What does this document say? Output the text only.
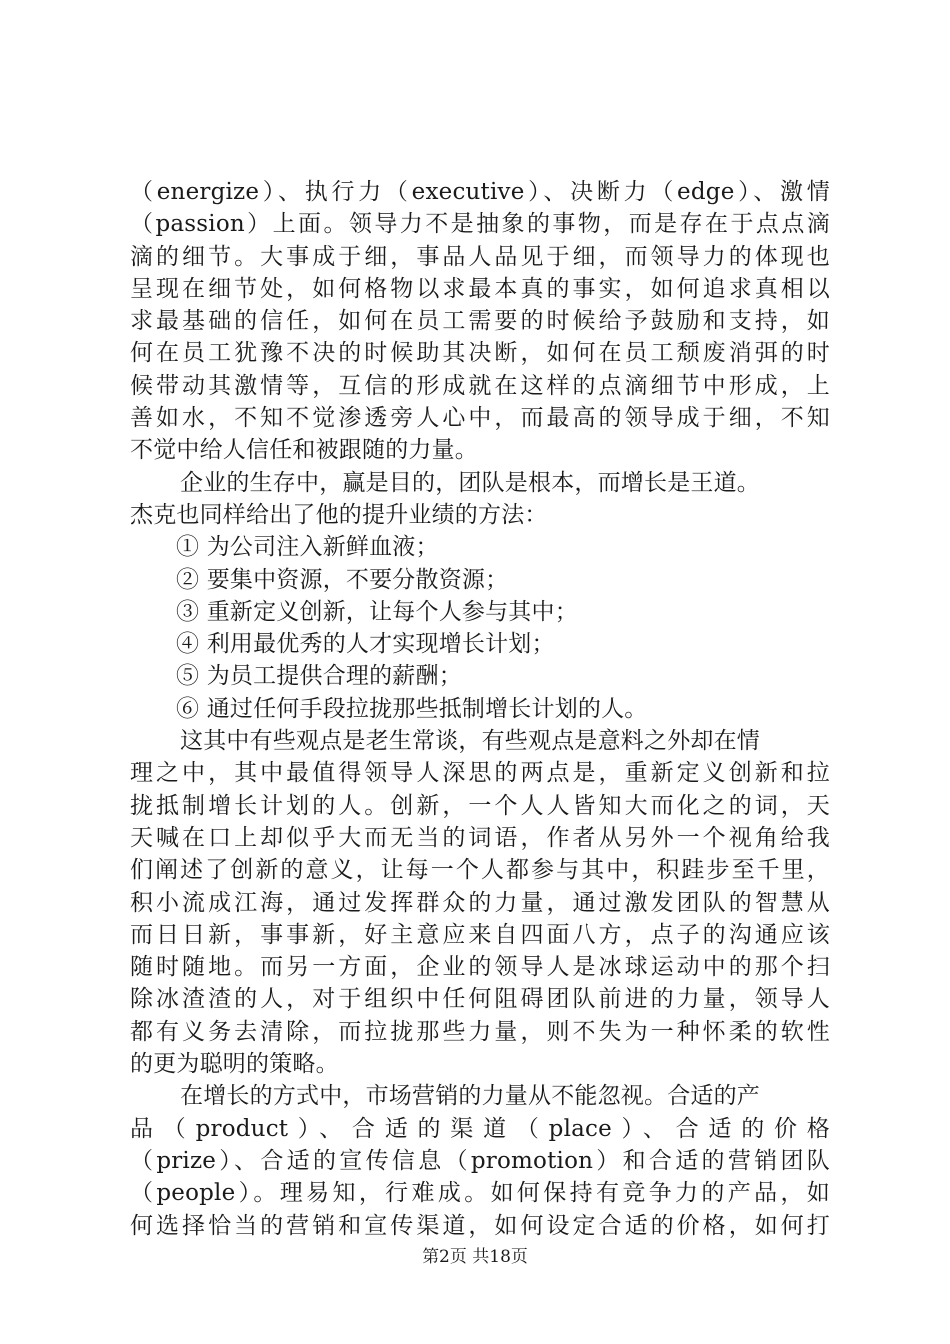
（energize）、执行力（executive）、决断力（edge）、激情
（passion）上面。领导力不是抽象的事物，而是存在于点点滴
滴的细节。大事成于细，事品人品见于细，而领导力的体现也
呈现在细节处，如何格物以求最本真的事实，如何追求真相以
求最基础的信任，如何在员工需要的时候给予鼓励和支持，如
何在员工犹豫不决的时候助其决断，如何在员工颓废消弭的时
候带动其激情等，互信的形成就在这样的点滴细节中形成，上
善如水，不知不觉渗透旁人心中，而最高的领导成于细，不知
不觉中给人信任和被跟随的力量。
企业的生存中，赢是目的，团队是根本，而增长是王道。
杰克也同样给出了他的提升业绩的方法：
① 为公司注入新鲜血液；
② 要集中资源，不要分散资源；
③ 重新定义创新，让每个人参与其中；
④ 利用最优秀的人才实现增长计划；
⑤ 为员工提供合理的薪酬；
⑥ 通过任何手段拉拢那些抵制增长计划的人。
这其中有些观点是老生常谈，有些观点是意料之外却在情
理之中，其中最值得领导人深思的两点是，重新定义创新和拉
拢抵制增长计划的人。创新，一个人人皆知大而化之的词，天
天喊在口上却似乎大而无当的词语，作者从另外一个视角给我
们阐述了创新的意义，让每一个人都参与其中，积跬步至千里，
积小流成江海，通过发挥群众的力量，通过激发团队的智慧从
而日日新，事事新，好主意应来自四面八方，点子的沟通应该
随时随地。而另一方面，企业的领导人是冰球运动中的那个扫
除冰渣渣的人，对于组织中任何阻碍团队前进的力量，领导人
都有义务去清除，而拉拢那些力量，则不失为一种怀柔的软性
的更为聪明的策略。
在增长的方式中，市场营销的力量从不能忽视。合适的产
品（product）、合适的渠道（place）、合适的价格
（prize）、合适的宣传信息（promotion）和合适的营销团队
（people）。理易知，行难成。如何保持有竞争力的产品，如
何选择恰当的营销和宣传渠道，如何设定合适的价格，如何打
第2页 共18页
